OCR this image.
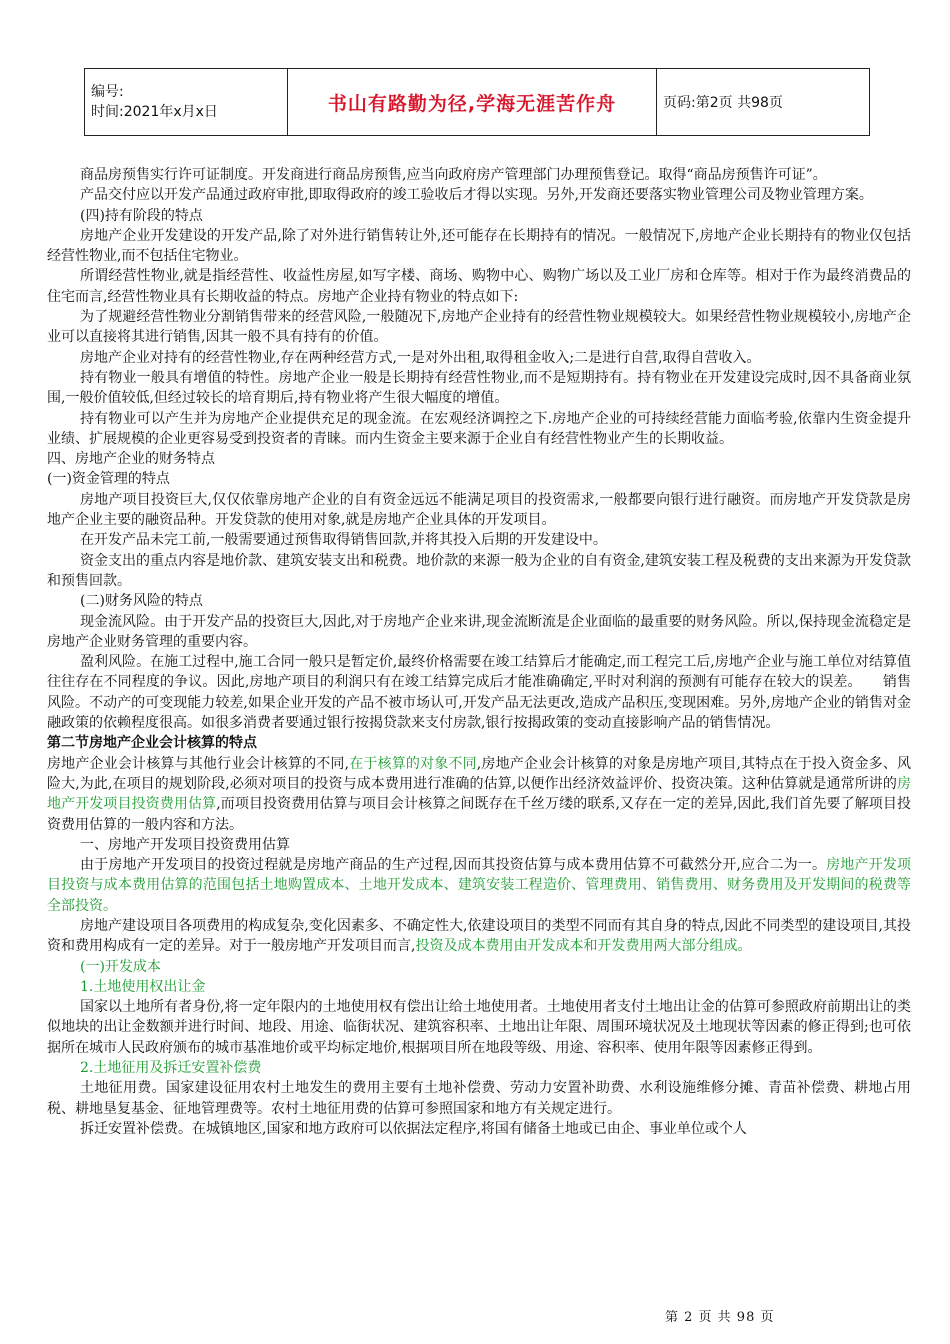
编号:
时间:2021年x月x日	书山有路勤为径,学海无涯苦作舟	页码:第2页 共98页

商品房预售实行许可证制度。开发商进行商品房预售,应当向政府房产管理部门办理预售登记。取得“商品房预售许可证”。

产品交付应以开发产品通过政府审批,即取得政府的竣工验收后才得以实现。另外,开发商还要落实物业管理公司及物业管理方案。

(四)持有阶段的特点

房地产企业开发建设的开发产品,除了对外进行销售转让外,还可能存在长期持有的情况。一般情况下,房地产企业长期持有的物业仅包括经营性物业,而不包括住宅物业。

所谓经营性物业,就是指经营性、收益性房屋,如写字楼、商场、购物中心、购物广场以及工业厂房和仓库等。相对于作为最终消费品的住宅而言,经营性物业具有长期收益的特点。房地产企业持有物业的特点如下:

为了规避经营性物业分割销售带来的经营风险,一般随况下,房地产企业持有的经营性物业规模较大。如果经营性物业规模较小,房地产企业可以直接将其进行销售,因其一般不具有持有的价值。

房地产企业对持有的经营性物业,存在两种经营方式,一是对外出租,取得租金收入;二是进行自营,取得自营收入。

持有物业一般具有增值的特性。房地产企业一般是长期持有经营性物业,而不是短期持有。持有物业在开发建设完成时,因不具备商业氛围,一般价值较低,但经过较长的培育期后,持有物业将产生很大幅度的增值。

持有物业可以产生并为房地产企业提供充足的现金流。在宏观经济调控之下.房地产企业的可持续经营能力面临考验,依靠内生资金提升业绩、扩展规模的企业更容易受到投资者的青睐。而内生资金主要来源于企业自有经营性物业产生的长期收益。

四、房地产企业的财务特点

(一)资金管理的特点

房地产项目投资巨大,仅仅依靠房地产企业的自有资金远远不能满足项目的投资需求,一般都要向银行进行融资。而房地产开发贷款是房地产企业主要的融资品种。开发贷款的使用对象,就是房地产企业具体的开发项目。

在开发产品未完工前,一般需要通过预售取得销售回款,并将其投入后期的开发建设中。

资金支出的重点内容是地价款、建筑安装支出和税费。地价款的来源一般为企业的自有资金,建筑安装工程及税费的支出来源为开发贷款和预售回款。

(二)财务风险的特点

现金流风险。由于开发产品的投资巨大,因此,对于房地产企业来讲,现金流断流是企业面临的最重要的财务风险。所以,保持现金流稳定是房地产企业财务管理的重要内容。

盈利风险。在施工过程中,施工合同一般只是暂定价,最终价格需要在竣工结算后才能确定,而工程完工后,房地产企业与施工单位对结算值往往存在不同程度的争议。因此,房地产项目的利润只有在竣工结算完成后才能准确确定,平时对利润的预测有可能存在较大的误差。　　销售风险。不动产的可变现能力较差,如果企业开发的产品不被市场认可,开发产品无法更改,造成产品积压,变现困难。另外,房地产企业的销售对金融政策的依赖程度很高。如很多消费者要通过银行按揭贷款来支付房款,银行按揭政策的变动直接影响产品的销售情况。

第二节房地产企业会计核算的特点

房地产企业会计核算与其他行业会计核算的不同,在于核算的对象不同,房地产企业会计核算的对象是房地产项目,其特点在于投入资金多、风险大,为此,在项目的规划阶段,必须对项目的投资与成本费用进行准确的估算,以便作出经济效益评价、投资决策。这种估算就是通常所讲的房地产开发项目投资费用估算,而项目投资费用估算与项目会计核算之间既存在千丝万缕的联系,又存在一定的差异,因此,我们首先要了解项目投资费用估算的一般内容和方法。

一、房地产开发项目投资费用估算

由于房地产开发项目的投资过程就是房地产商品的生产过程,因而其投资估算与成本费用估算不可截然分开,应合二为一。房地产开发项目投资与成本费用估算的范围包括土地购置成本、土地开发成本、建筑安装工程造价、管理费用、销售费用、财务费用及开发期间的税费等全部投资。

房地产建设项目各项费用的构成复杂,变化因素多、不确定性大,依建设项目的类型不同而有其自身的特点,因此不同类型的建设项目,其投资和费用构成有一定的差异。对于一般房地产开发项目而言,投资及成本费用由开发成本和开发费用两大部分组成。

(一)开发成本

1.土地使用权出让金

国家以土地所有者身份,将一定年限内的土地使用权有偿出让给土地使用者。土地使用者支付土地出让金的估算可参照政府前期出让的类似地块的出让金数额并进行时间、地段、用途、临街状况、建筑容积率、土地出让年限、周围环境状况及土地现状等因素的修正得到;也可依据所在城市人民政府颁布的城市基准地价或平均标定地价,根据项目所在地段等级、用途、容积率、使用年限等因素修正得到。

2.土地征用及拆迁安置补偿费

土地征用费。国家建设征用农村土地发生的费用主要有土地补偿费、劳动力安置补助费、水利设施维修分摊、青苗补偿费、耕地占用税、耕地垦复基金、征地管理费等。农村土地征用费的估算可参照国家和地方有关规定进行。

拆迁安置补偿费。在城镇地区,国家和地方政府可以依据法定程序,将国有储备土地或已由企、事业单位或个人

第 2 页 共 98 页
